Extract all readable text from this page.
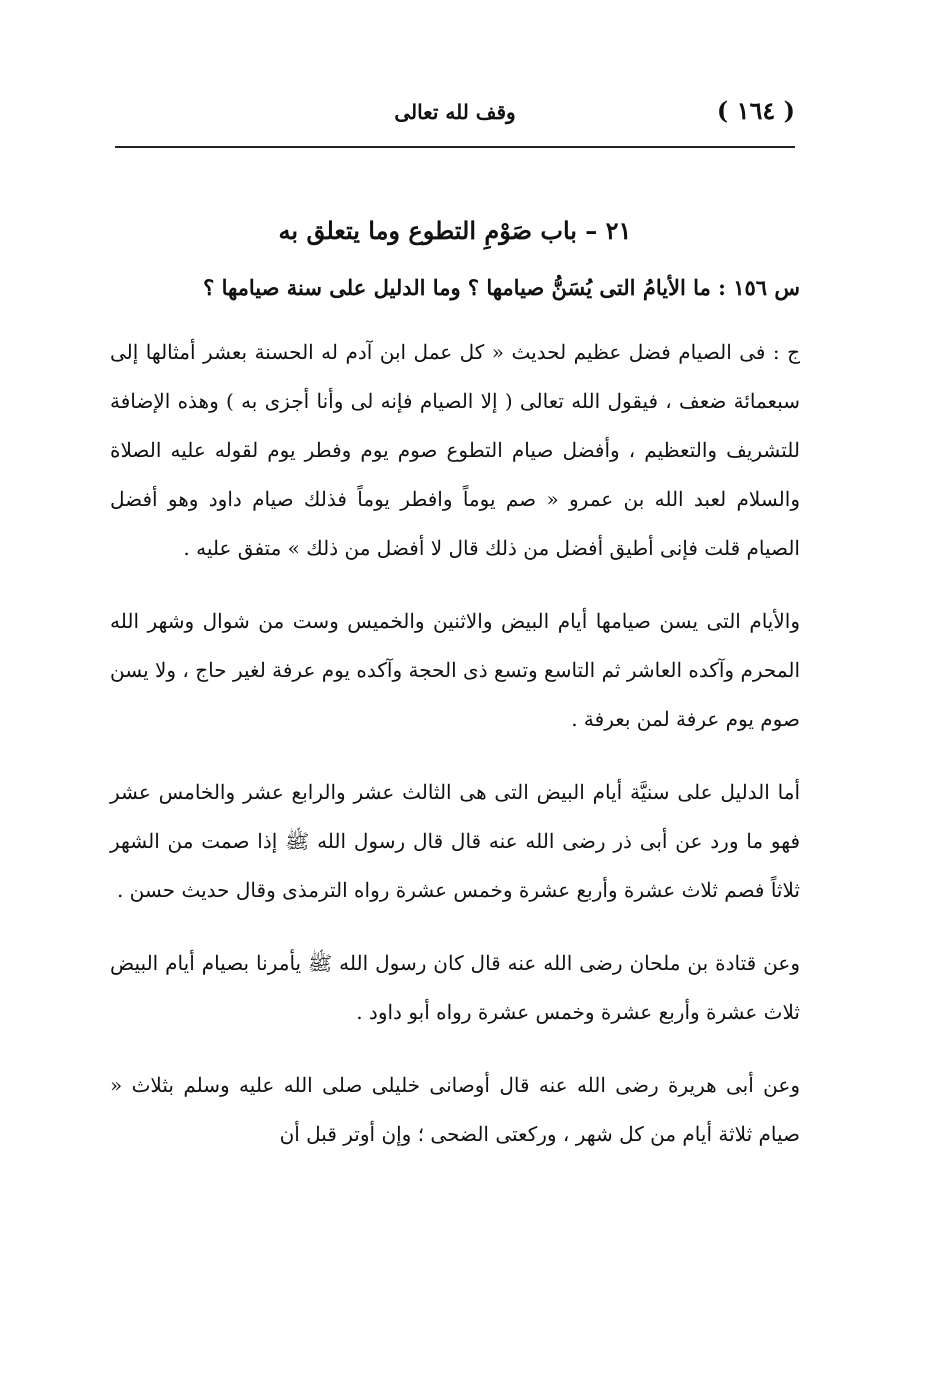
( ١٦٤ )
وقف لله تعالى
٢١ – باب صَوْمِ التطوع وما يتعلق به

س ١٥٦ : ما الأيامُ التى يُسَنُّ صيامها ؟ وما الدليل على سنة صيامها ؟

ج : فى الصيام فضل عظيم لحديث « كل عمل ابن آدم له الحسنة بعشر أمثالها إلى سبعمائة ضعف ، فيقول الله تعالى ( إلا الصيام فإنه لى وأنا أجزى به ) وهذه الإضافة للتشريف والتعظيم ، وأفضل صيام التطوع صوم يوم وفطر يوم لقوله عليه الصلاة والسلام لعبد الله بن عمرو « صم يوماً وافطر يوماً فذلك صيام داود وهو أفضل الصيام قلت فإنى أطيق أفضل من ذلك قال لا أفضل من ذلك » متفق عليه .

والأيام التى يسن صيامها أيام البيض والاثنين والخميس وست من شوال وشهر الله المحرم وآكده العاشر ثم التاسع وتسع ذى الحجة وآكده يوم عرفة لغير حاج ، ولا يسن صوم يوم عرفة لمن بعرفة .

أما الدليل على سنيَّة أيام البيض التى هى الثالث عشر والرابع عشر والخامس عشر فهو ما ورد عن أبى ذر رضى الله عنه قال قال رسول الله ﷺ إذا صمت من الشهر ثلاثاً فصم ثلاث عشرة وأربع عشرة وخمس عشرة رواه الترمذى وقال حديث حسن .

وعن قتادة بن ملحان رضى الله عنه قال كان رسول الله ﷺ يأمرنا بصيام أيام البيض ثلاث عشرة وأربع عشرة وخمس عشرة رواه أبو داود .

وعن أبى هريرة رضى الله عنه قال أوصانى خليلى صلى الله عليه وسلم بثلاث « صيام ثلاثة أيام من كل شهر ، وركعتى الضحى ؛ وإن أوتر قبل أن
